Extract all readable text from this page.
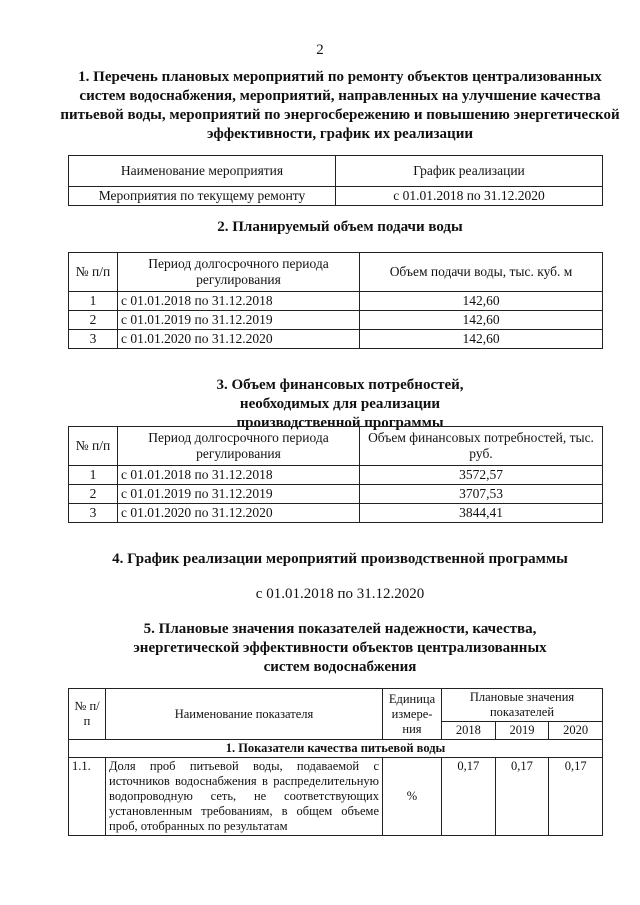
2
1. Перечень плановых мероприятий по ремонту объектов централизованных систем водоснабжения, мероприятий, направленных на улучшение качества питьевой воды, мероприятий по энергосбережению и повышению энергетической эффективности, график их реализации
Наименование мероприятия	График реализации
Мероприятия по текущему ремонту	с 01.01.2018 по 31.12.2020
2. Планируемый объем подачи воды
№ п/п	Период долгосрочного периода регулирования	Объем подачи воды, тыс. куб. м
1	с 01.01.2018 по 31.12.2018	142,60
2	с 01.01.2019 по 31.12.2019	142,60
3	с 01.01.2020 по 31.12.2020	142,60
3. Объем финансовых потребностей, необходимых для реализации производственной программы
№ п/п	Период долгосрочного периода регулирования	Объем финансовых потребностей, тыс. руб.
1	с 01.01.2018 по 31.12.2018	3572,57
2	с 01.01.2019 по 31.12.2019	3707,53
3	с 01.01.2020 по 31.12.2020	3844,41
4. График реализации мероприятий производственной программы
с 01.01.2018 по 31.12.2020
5. Плановые значения показателей надежности, качества, энергетической эффективности объектов централизованных систем водоснабжения
№ п/п	Наименование показателя	Единица измере-ния	Плановые значения показателей		
			2018	2019	2020
1. Показатели качества питьевой воды					
1.1.	Доля проб питьевой воды, подаваемой с источников водоснабжения в распределительную водопроводную сеть, не соответствующих установленным требованиям, в общем объеме проб, отобранных по результатам	%	0,17	0,17	0,17
